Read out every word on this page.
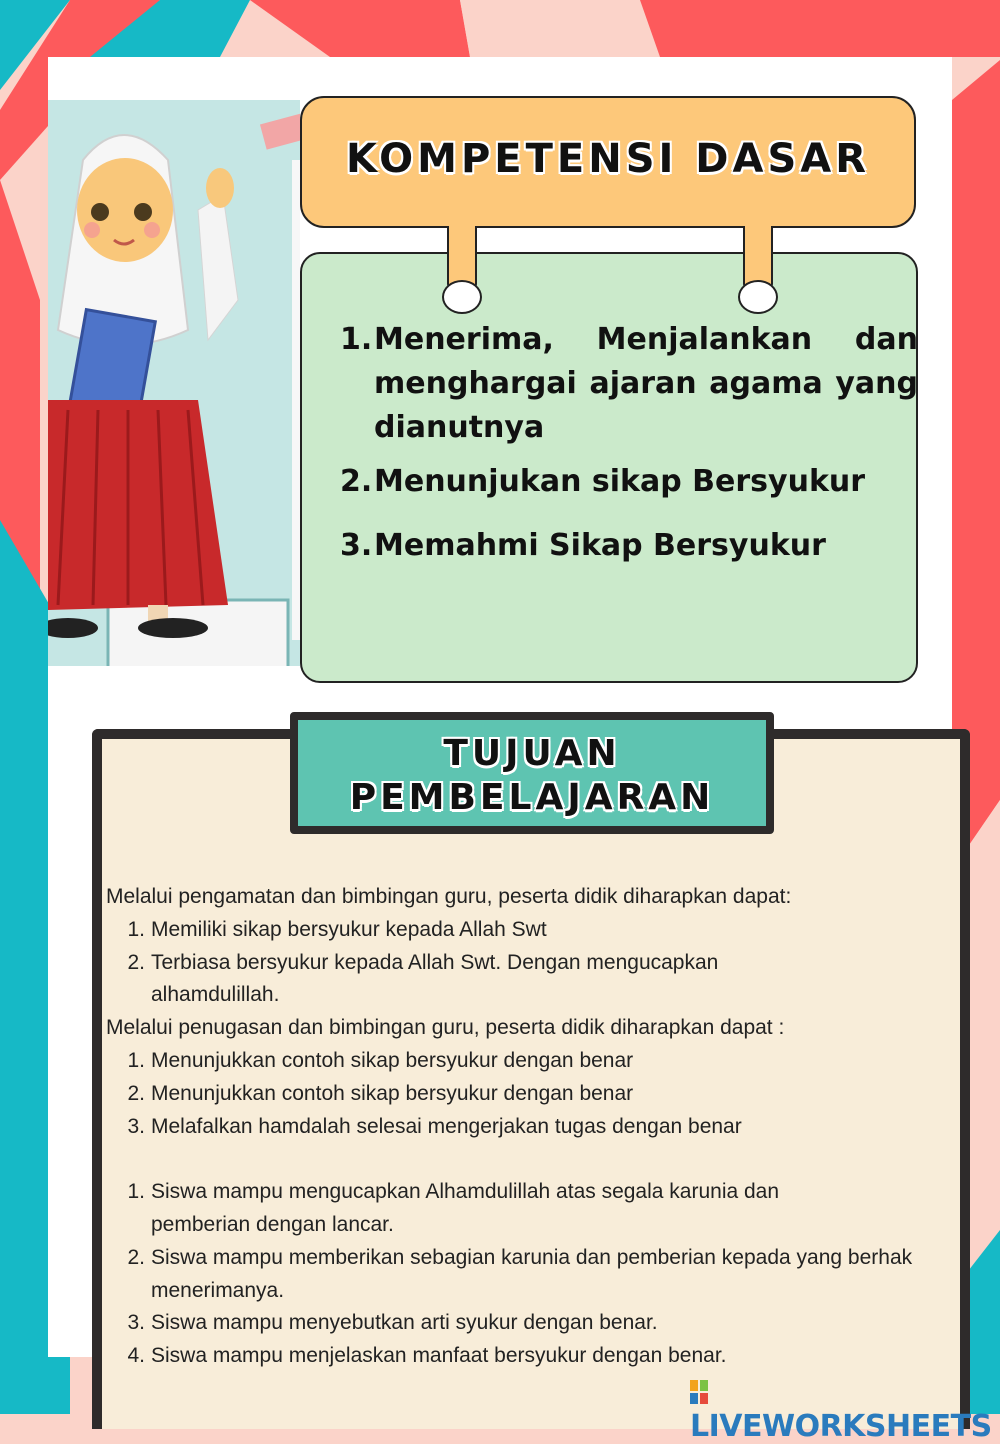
KOMPETENSI DASAR
1. Menerima, Menjalankan dan menghargai ajaran agama yang dianutnya
2. Menunjukan sikap Bersyukur
3. Memahmi Sikap Bersyukur
TUJUAN
PEMBELAJARAN

Melalui pengamatan dan bimbingan guru, peserta didik diharapkan dapat:

1. Memiliki sikap bersyukur kepada Allah Swt
2. Terbiasa bersyukur kepada Allah Swt. Dengan mengucapkan alhamdulillah.

Melalui penugasan dan bimbingan guru, peserta didik diharapkan dapat :

1. Menunjukkan contoh sikap bersyukur dengan benar
2. Menunjukkan contoh sikap bersyukur dengan benar
3. Melafalkan hamdalah selesai mengerjakan tugas dengan benar
1. Siswa mampu mengucapkan Alhamdulillah atas segala karunia dan pemberian dengan lancar.
2. Siswa mampu memberikan sebagian karunia dan pemberian kepada yang berhak menerimanya.
3. Siswa mampu menyebutkan arti syukur dengan benar.
4. Siswa mampu menjelaskan manfaat bersyukur dengan benar.
LIVEWORKSHEETS
